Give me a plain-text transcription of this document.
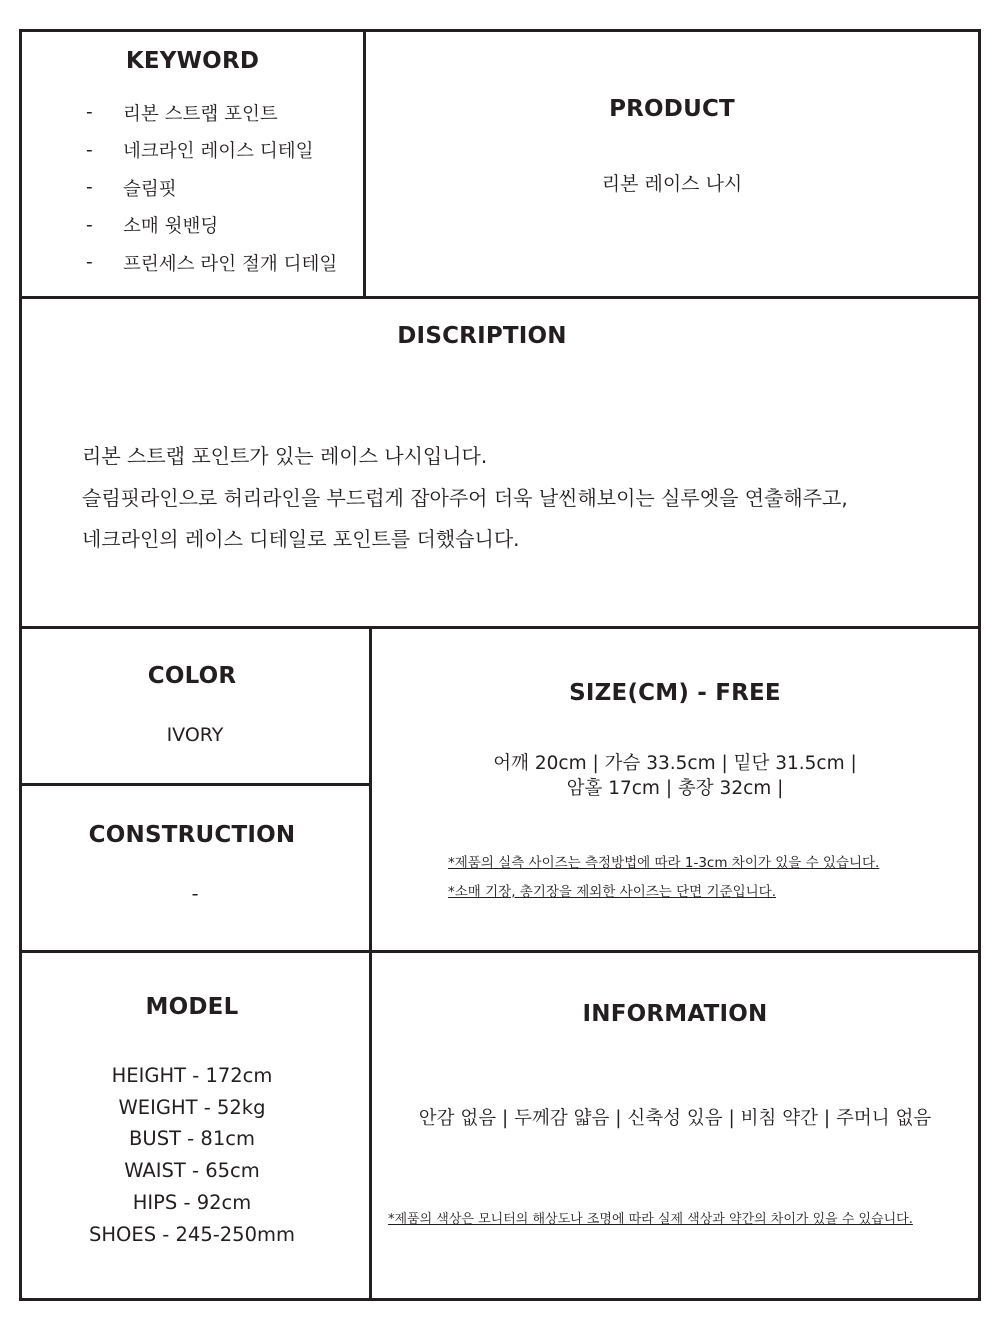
KEYWORD
-	리본 스트랩 포인트
-	네크라인 레이스 디테일
-	슬림핏
-	소매 윗밴딩
-	프린세스 라인 절개 디테일
PRODUCT
리본 레이스 나시
DISCRIPTION

리본 스트랩 포인트가 있는 레이스 나시입니다.

슬림핏라인으로 허리라인을 부드럽게 잡아주어 더욱 날씬해보이는 실루엣을 연출해주고,

네크라인의 레이스 디테일로 포인트를 더했습니다.

COLOR
IVORY
CONSTRUCTION
-
SIZE(CM) - FREE
어깨 20cm | 가슴 33.5cm | 밑단 31.5cm |
암홀 17cm | 총장 32cm |
*제품의 실측 사이즈는 측정방법에 따라 1-3cm 차이가 있을 수 있습니다.
*소매 기장, 총기장을 제외한 사이즈는 단면 기준입니다.
MODEL
HEIGHT - 172cm
WEIGHT - 52kg
BUST - 81cm
WAIST - 65cm
HIPS - 92cm
SHOES - 245-250mm
INFORMATION
안감 없음 | 두께감 얇음 | 신축성 있음 | 비침 약간 | 주머니 없음
*제품의 색상은 모니터의 해상도나 조명에 따라 실제 색상과 약간의 차이가 있을 수 있습니다.
